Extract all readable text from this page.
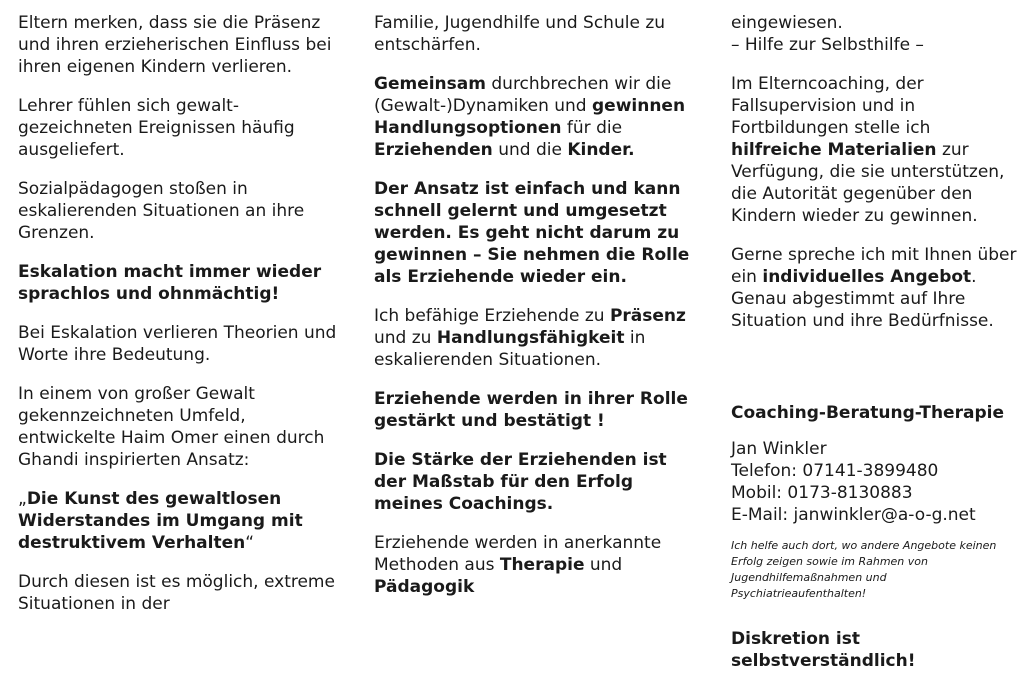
Eltern merken, dass sie die Präsenz und ihren erzieherischen Einfluss bei ihren eigenen Kindern verlieren.

Lehrer fühlen sich gewalt-gezeichneten Ereignissen häufig ausgeliefert.

Sozialpädagogen stoßen in eskalierenden Situationen an ihre Grenzen.

Eskalation macht immer wieder sprachlos und ohnmächtig!

Bei Eskalation verlieren Theorien und Worte ihre Bedeutung.

In einem von großer Gewalt gekennzeichneten Umfeld, entwickelte Haim Omer einen durch Ghandi inspirierten Ansatz:

„Die Kunst des gewaltlosen Widerstandes im Umgang mit destruktivem Verhalten“

Durch diesen ist es möglich, extreme Situationen in der

Familie, Jugendhilfe und Schule zu entschärfen.

Gemeinsam durchbrechen wir die (Gewalt-)Dynamiken und gewinnen Handlungsoptionen für die Erziehenden und die Kinder.

Der Ansatz ist einfach und kann schnell gelernt und umgesetzt werden. Es geht nicht darum zu gewinnen – Sie nehmen die Rolle als Erziehende wieder ein.

Ich befähige Erziehende zu Präsenz und zu Handlungsfähigkeit in eskalierenden Situationen.

Erziehende werden in ihrer Rolle gestärkt und bestätigt !

Die Stärke der Erziehenden ist der Maßstab für den Erfolg meines Coachings.

Erziehende werden in anerkannte Methoden aus Therapie und Pädagogik

eingewiesen.
– Hilfe zur Selbsthilfe –

Im Elterncoaching, der Fallsupervision und in Fortbildungen stelle ich hilfreiche Materialien zur Verfügung, die sie unterstützen, die Autorität gegenüber den Kindern wieder zu gewinnen.

Gerne spreche ich mit Ihnen über ein individuelles Angebot. Genau abgestimmt auf Ihre Situation und ihre Bedürfnisse.

Coaching-Beratung-Therapie

Jan Winkler
Telefon: 07141-3899480
Mobil: 0173-8130883
E-Mail: janwinkler@a-o-g.net

Ich helfe auch dort, wo andere Angebote keinen Erfolg zeigen sowie im Rahmen von Jugendhilfemaßnahmen und Psychiatrieaufenthalten!

Diskretion ist selbstverständlich!
